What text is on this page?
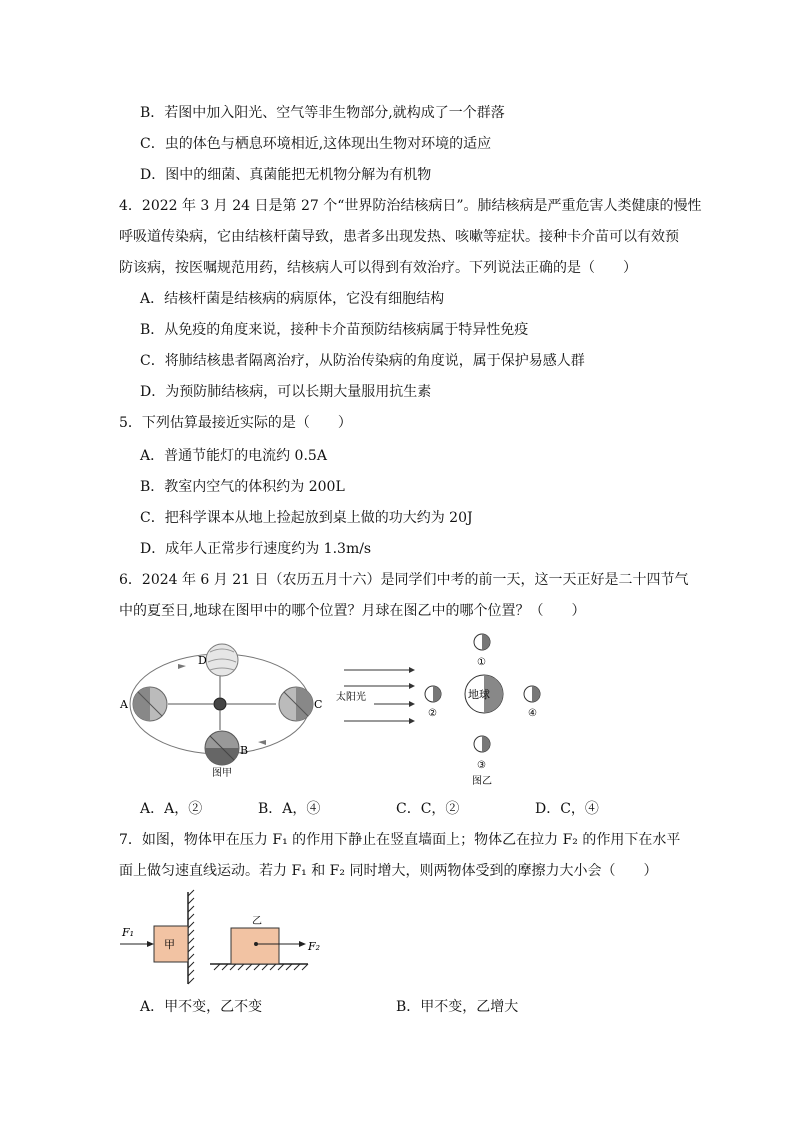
B．若图中加入阳光、空气等非生物部分,就构成了一个群落
C．虫的体色与栖息环境相近,这体现出生物对环境的适应
D．图中的细菌、真菌能把无机物分解为有机物
4．2022 年 3 月 24 日是第 27 个“世界防治结核病日”。肺结核病是严重危害人类健康的慢性
呼吸道传染病，它由结核杆菌导致，患者多出现发热、咳嗽等症状。接种卡介苗可以有效预
防该病，按医嘱规范用药，结核病人可以得到有效治疗。下列说法正确的是（　　）
A．结核杆菌是结核病的病原体，它没有细胞结构
B．从免疫的角度来说，接种卡介苗预防结核病属于特异性免疫
C．将肺结核患者隔离治疗，从防治传染病的角度说，属于保护易感人群
D．为预防肺结核病，可以长期大量服用抗生素
5．下列估算最接近实际的是（　　）
A．普通节能灯的电流约 0.5A
B．教室内空气的体积约为 200L
C．把科学课本从地上捡起放到桌上做的功大约为 20J
D．成年人正常步行速度约为 1.3m/s
6．2024 年 6 月 21 日（农历五月十六）是同学们中考的前一天，这一天正好是二十四节气
中的夏至日,地球在图甲中的哪个位置？月球在图乙中的哪个位置？（　　）
A
B
C
D
图甲
太阳光	地球
①
②
③
④
图乙
A．A，②	B．A，④	C．C，②	D．C，④
7．如图，物体甲在压力 F₁ 的作用下静止在竖直墙面上；物体乙在拉力 F₂ 的作用下在水平
面上做匀速直线运动。若力 F₁ 和 F₂ 同时增大，则两物体受到的摩擦力大小会（　　）
甲
F₁
乙
F₂
A．甲不变，乙不变	B．甲不变，乙增大
